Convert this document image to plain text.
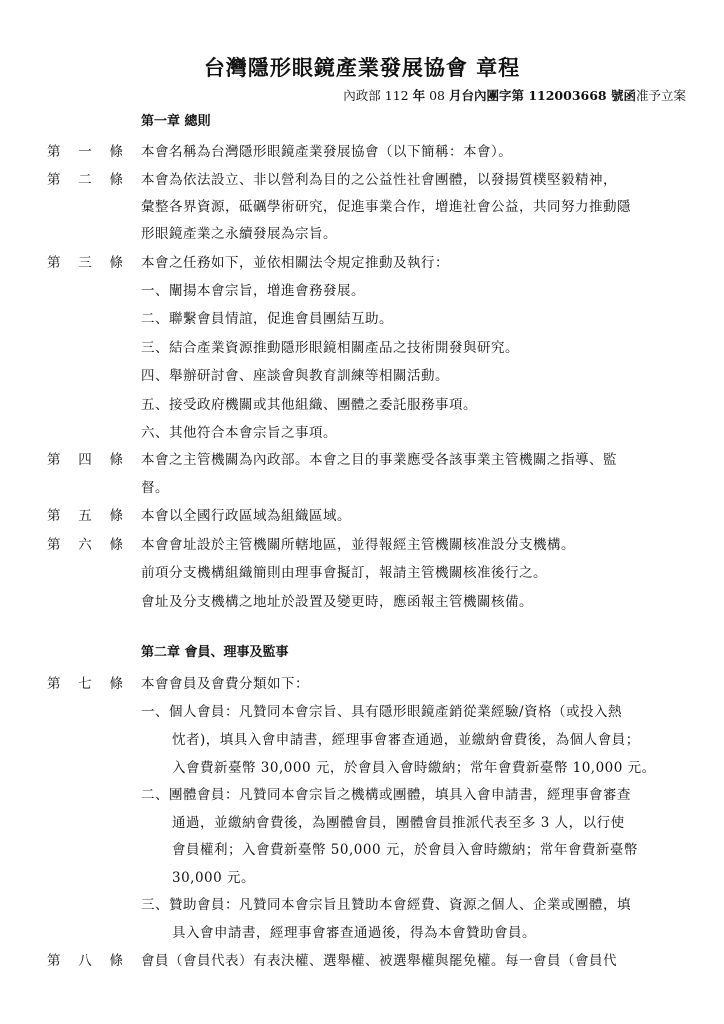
台灣隱形眼鏡產業發展協會 章程
內政部 112 年 08 月台內團字第 112003668 號函准予立案
第一章 總則
第 一 條 本會名稱為台灣隱形眼鏡產業發展協會（以下簡稱：本會）。
第 二 條 本會為依法設立、非以營利為目的之公益性社會團體，以發揚質樸堅毅精神，
彙整各界資源，砥礪學術研究，促進事業合作，增進社會公益，共同努力推動隱
形眼鏡產業之永續發展為宗旨。
第 三 條 本會之任務如下，並依相關法令規定推動及執行：
一、闡揚本會宗旨，增進會務發展。
二、聯繫會員情誼，促進會員團結互助。
三、結合產業資源推動隱形眼鏡相關產品之技術開發與研究。
四、舉辦研討會、座談會與教育訓練等相關活動。
五、接受政府機關或其他組織、團體之委託服務事項。
六、其他符合本會宗旨之事項。
第 四 條 本會之主管機關為內政部。本會之目的事業應受各該事業主管機關之指導、監
督。
第 五 條 本會以全國行政區域為組織區域。
第 六 條 本會會址設於主管機關所轄地區，並得報經主管機關核准設分支機構。
前項分支機構組織簡則由理事會擬訂，報請主管機關核准後行之。
會址及分支機構之地址於設置及變更時，應函報主管機關核備。
第二章 會員、理事及監事
第 七 條 本會會員及會費分類如下：
一、個人會員：凡贊同本會宗旨、具有隱形眼鏡產銷從業經驗/資格（或投入熱
忱者)，填具入會申請書，經理事會審查通過，並繳納會費後，為個人會員；
入會費新臺幣 30,000 元，於會員入會時繳納；常年會費新臺幣 10,000 元。
二、團體會員：凡贊同本會宗旨之機構或團體，填具入會申請書，經理事會審查
通過，並繳納會費後，為團體會員，團體會員推派代表至多 3 人，以行使
會員權利；入會費新臺幣 50,000 元，於會員入會時繳納；常年會費新臺幣
30,000 元。
三、贊助會員：凡贊同本會宗旨且贊助本會經費、資源之個人、企業或團體，填
具入會申請書，經理事會審查通過後，得為本會贊助會員。
第 八 條 會員（會員代表）有表決權、選舉權、被選舉權與罷免權。每一會員（會員代
